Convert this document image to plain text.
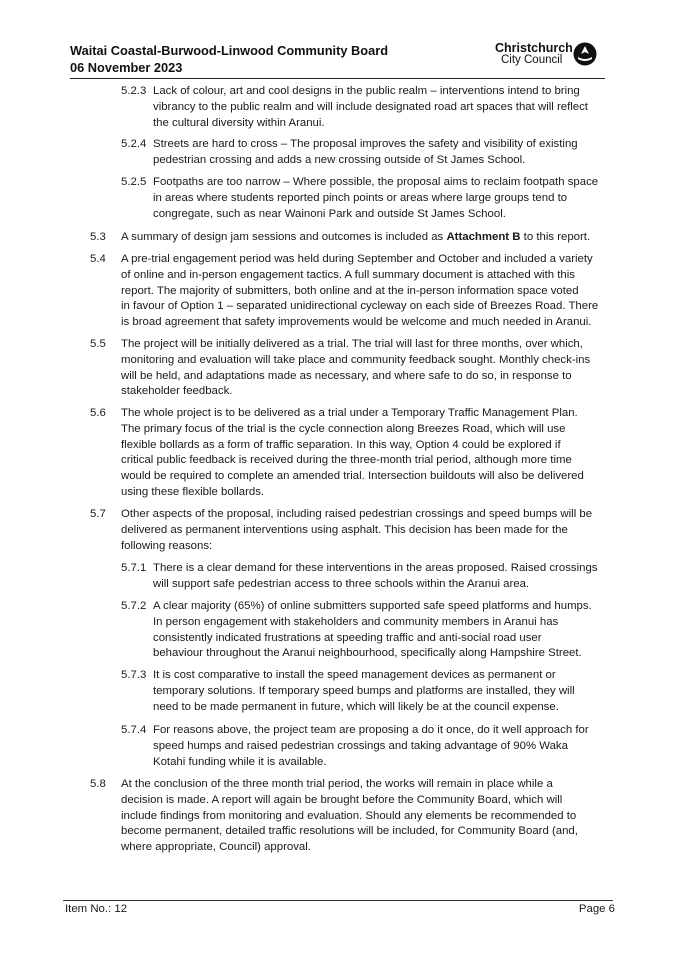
Waitai Coastal-Burwood-Linwood Community Board
06 November 2023
Christchurch
City Council
5.2.3 Lack of colour, art and cool designs in the public realm – interventions intend to bring
vibrancy to the public realm and will include designated road art spaces that will reflect
the cultural diversity within Aranui.
5.2.4 Streets are hard to cross – The proposal improves the safety and visibility of existing
pedestrian crossing and adds a new crossing outside of St James School.
5.2.5 Footpaths are too narrow – Where possible, the proposal aims to reclaim footpath space
in areas where students reported pinch points or areas where large groups tend to
congregate, such as near Wainoni Park and outside St James School.
5.3 A summary of design jam sessions and outcomes is included as Attachment B to this report.
5.4 A pre-trial engagement period was held during September and October and included a variety
of online and in-person engagement tactics. A full summary document is attached with this
report. The majority of submitters, both online and at the in-person information space voted
in favour of Option 1 – separated unidirectional cycleway on each side of Breezes Road. There
is broad agreement that safety improvements would be welcome and much needed in Aranui.
5.5 The project will be initially delivered as a trial. The trial will last for three months, over which,
monitoring and evaluation will take place and community feedback sought. Monthly check-ins
will be held, and adaptations made as necessary, and where safe to do so, in response to
stakeholder feedback.
5.6 The whole project is to be delivered as a trial under a Temporary Traffic Management Plan.
The primary focus of the trial is the cycle connection along Breezes Road, which will use
flexible bollards as a form of traffic separation. In this way, Option 4 could be explored if
critical public feedback is received during the three-month trial period, although more time
would be required to complete an amended trial. Intersection buildouts will also be delivered
using these flexible bollards.
5.7 Other aspects of the proposal, including raised pedestrian crossings and speed bumps will be
delivered as permanent interventions using asphalt. This decision has been made for the
following reasons:
5.7.1 There is a clear demand for these interventions in the areas proposed. Raised crossings
will support safe pedestrian access to three schools within the Aranui area.
5.7.2 A clear majority (65%) of online submitters supported safe speed platforms and humps.
In person engagement with stakeholders and community members in Aranui has
consistently indicated frustrations at speeding traffic and anti-social road user
behaviour throughout the Aranui neighbourhood, specifically along Hampshire Street.
5.7.3 It is cost comparative to install the speed management devices as permanent or
temporary solutions. If temporary speed bumps and platforms are installed, they will
need to be made permanent in future, which will likely be at the council expense.
5.7.4 For reasons above, the project team are proposing a do it once, do it well approach for
speed humps and raised pedestrian crossings and taking advantage of 90% Waka
Kotahi funding while it is available.
5.8 At the conclusion of the three month trial period, the works will remain in place while a
decision is made. A report will again be brought before the Community Board, which will
include findings from monitoring and evaluation. Should any elements be recommended to
become permanent, detailed traffic resolutions will be included, for Community Board (and,
where appropriate, Council) approval.
Item No.: 12	Page 6
